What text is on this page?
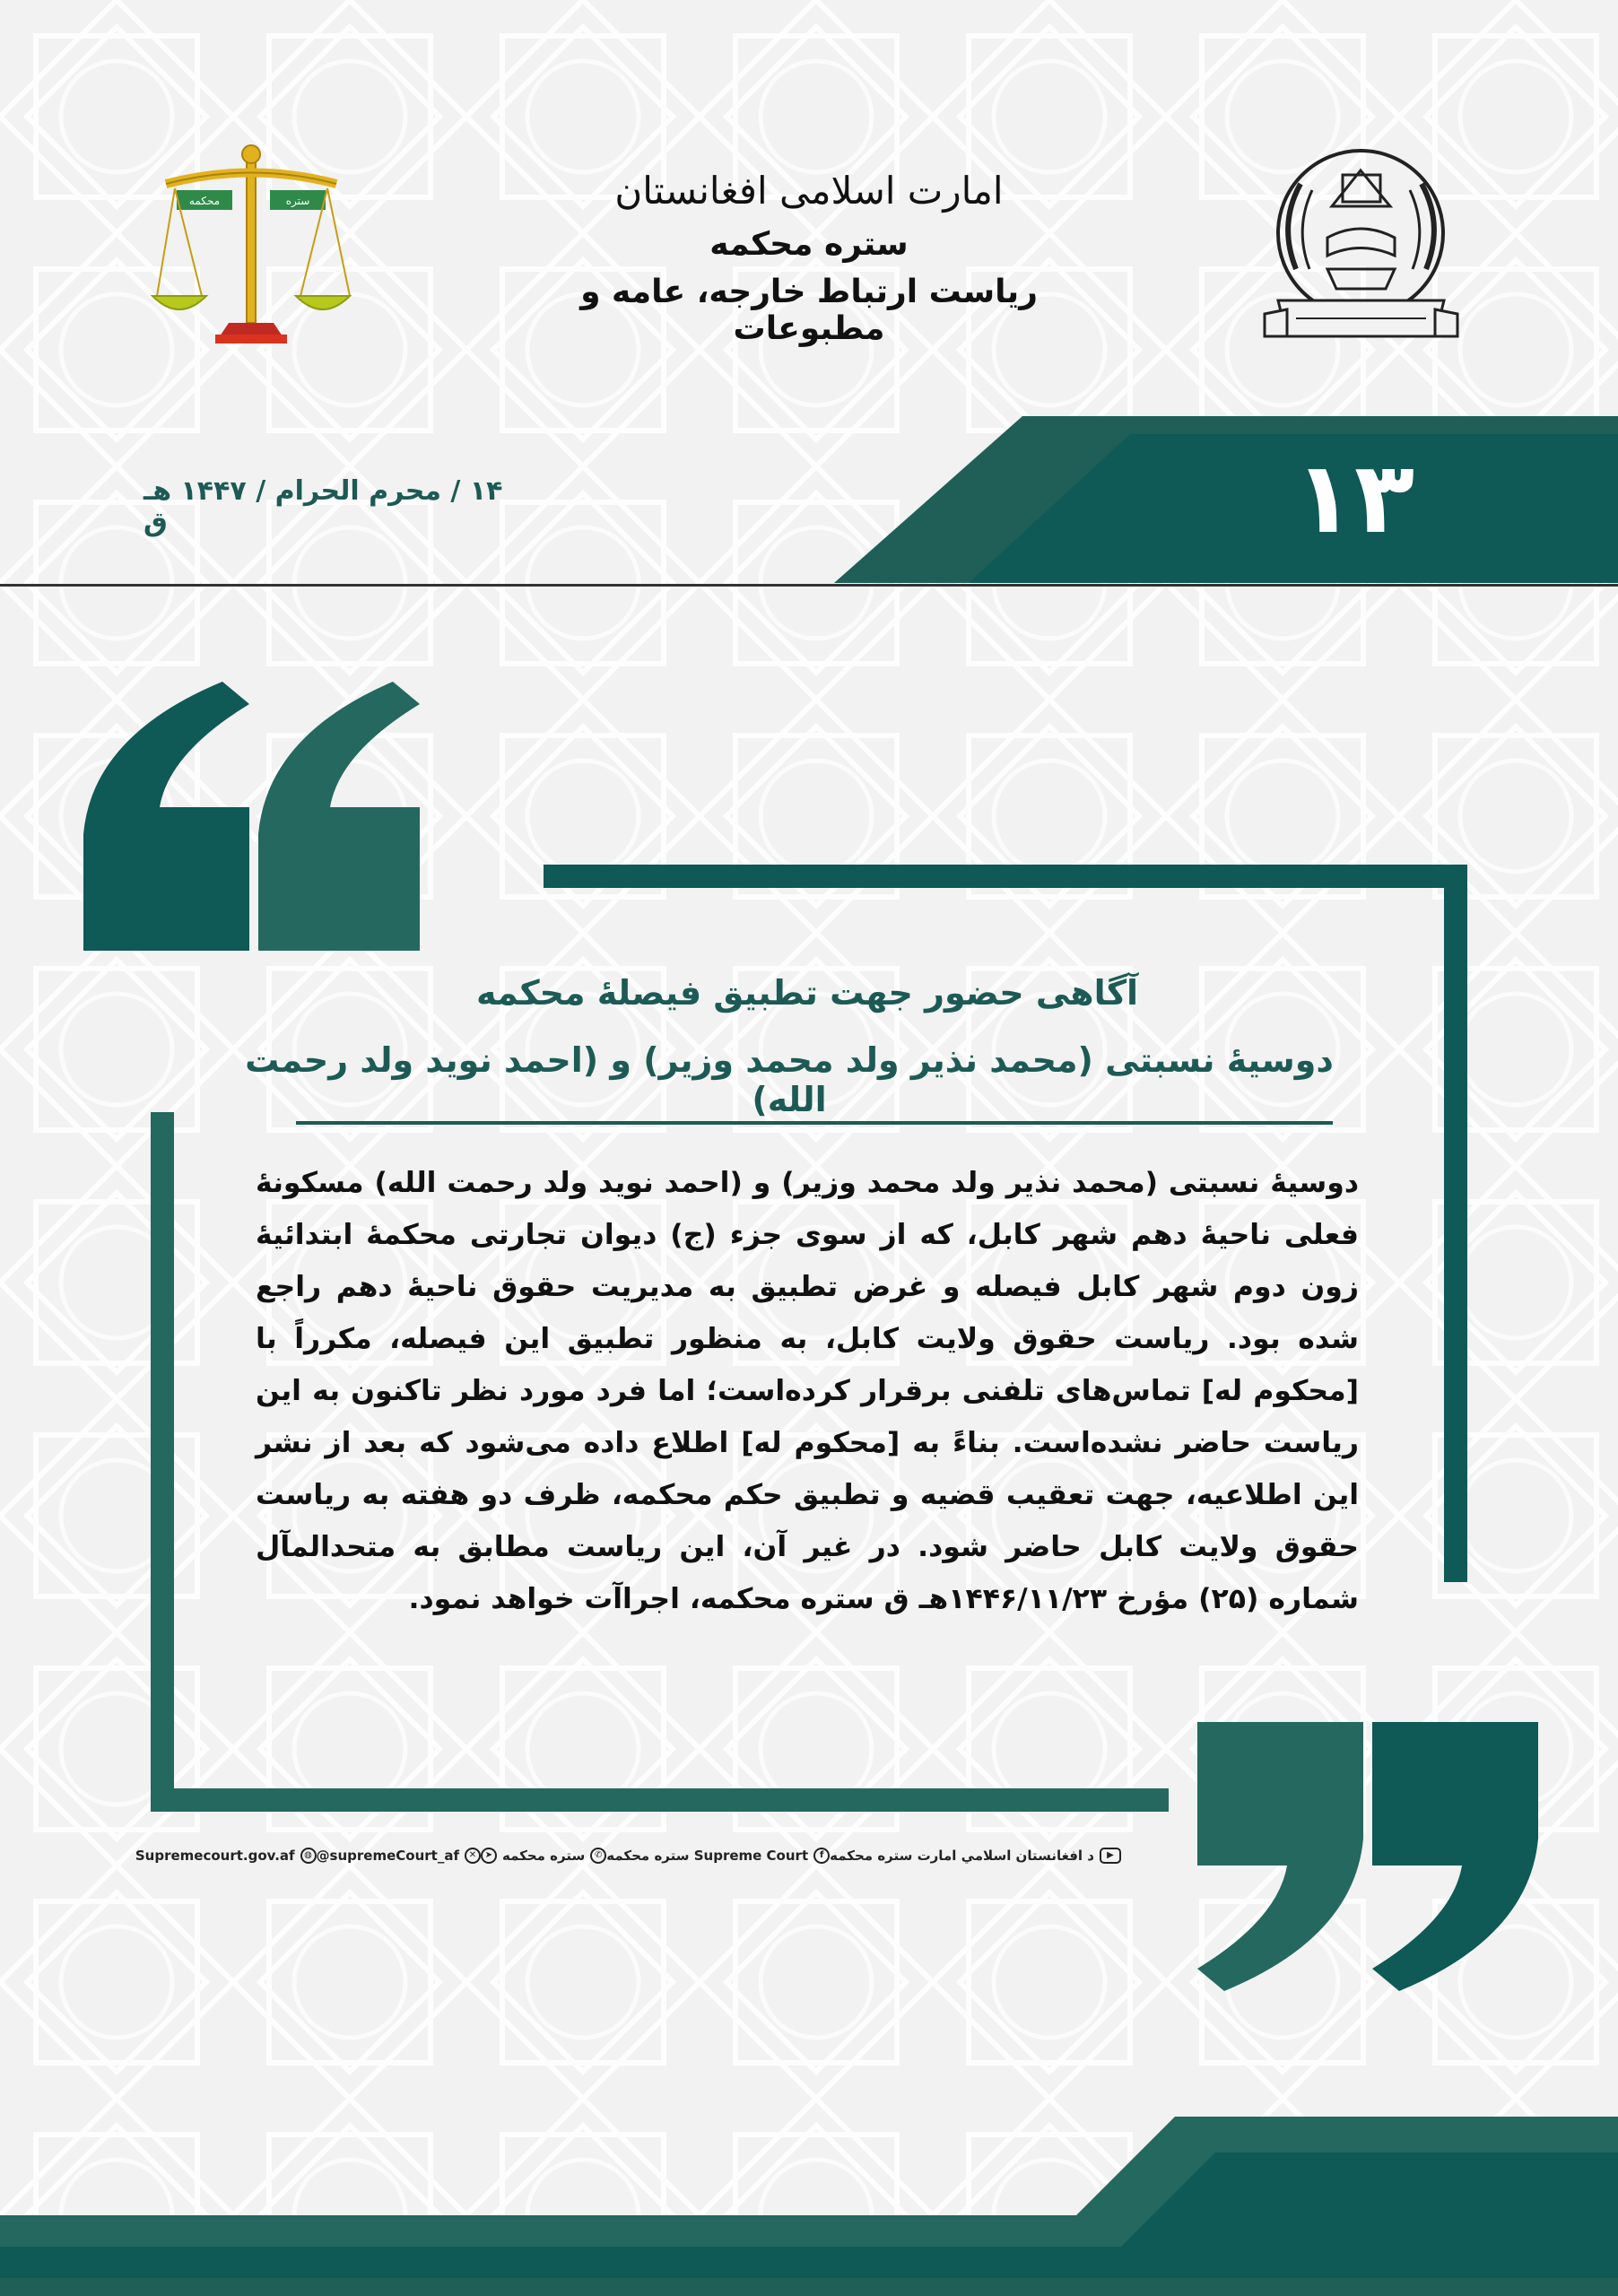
محکمه	ستره	امارت اسلامی افغانستان
ستره محکمه
ریاست ارتباط خارجه، عامه و مطبوعات
۱۴ / محرم الحرام / ۱۴۴۷ هـ ق	۱۳
آگاهی حضور جهت تطبیق فیصلهٔ محکمه
دوسیهٔ نسبتی (محمد نذیر ولد محمد وزیر) و (احمد نوید ولد رحمت الله)
دوسیهٔ نسبتی (محمد نذیر ولد محمد وزیر) و (احمد نوید ولد رحمت الله) مسکونهٔ فعلی ناحیهٔ دهم شهر کابل، که از سوی جزء (ج) دیوان تجارتی محکمهٔ ابتدائیهٔ زون دوم شهر کابل فیصله و غرض تطبیق به مدیریت حقوق ناحیهٔ دهم راجع شده بود. ریاست حقوق ولایت کابل، به منظور تطبیق این فیصله، مکرراً با [محکوم له] تماس‌های تلفنی برقرار کرده‌است؛ اما فرد مورد نظر تاکنون به این ریاست حاضر نشده‌است. بناءً به [محکوم له] اطلاع داده می‌شود که بعد از نشر این اطلاعیه، جهت تعقیب قضیه و تطبیق حکم محکمه، ظرف دو هفته به ریاست حقوق ولایت کابل حاضر شود. در غیر آن، این ریاست مطابق به متحدالمآل شماره (۲۵) مؤرخ ۱۴۴۶/۱۱/۲۳هـ ق ستره محکمه، اجراآت خواهد نمود.
▶
د افغانستان اسلامي امارت ستره محکمه
f
ستره محکمه Supreme Court
✆
ستره محکمه
➤
✕
@supremeCourt_af
◍
Supremecourt.gov.af
